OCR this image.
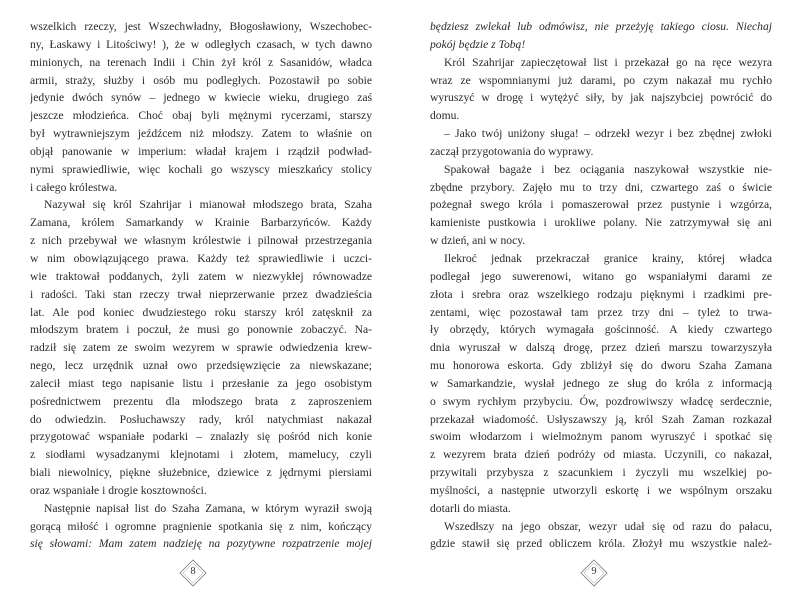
wszelkich rzeczy, jest Wszechwładny, Błogosławiony, Wszechobec-
ny, Łaskawy i Litościwy! ), że w odległych czasach, w tych dawno
minionych, na terenach Indii i Chin żył król z Sasanidów, władca
armii, straży, służby i osób mu podległych. Pozostawił po sobie
jedynie dwóch synów – jednego w kwiecie wieku, drugiego zaś
jeszcze młodzieńca. Choć obaj byli mężnymi rycerzami, starszy
był wytrawniejszym jeźdźcem niż młodszy. Zatem to właśnie on
objął panowanie w imperium: władał krajem i rządził podwład-
nymi sprawiedliwie, więc kochali go wszyscy mieszkańcy stolicy
i całego królestwa.
Nazywał się król Szahrijar i mianował młodszego brata, Szaha
Zamana, królem Samarkandy w Krainie Barbarzyńców. Każdy
z nich przebywał we własnym królestwie i pilnował przestrzegania
w nim obowiązującego prawa. Każdy też sprawiedliwie i uczci-
wie traktował poddanych, żyli zatem w niezwykłej równowadze
i radości. Taki stan rzeczy trwał nieprzerwanie przez dwadzieścia
lat. Ale pod koniec dwudziestego roku starszy król zatęsknił za
młodszym bratem i poczuł, że musi go ponownie zobaczyć. Na-
radził się zatem ze swoim wezyrem w sprawie odwiedzenia krew-
nego, lecz urzędnik uznał owo przedsięwzięcie za niewskazane;
zalecił miast tego napisanie listu i przesłanie za jego osobistym
pośrednictwem prezentu dla młodszego brata z zaproszeniem
do odwiedzin. Posłuchawszy rady, król natychmiast nakazał
przygotować wspaniałe podarki – znalazły się pośród nich konie
z siodłami wysadzanymi klejnotami i złotem, mamelucy, czyli
biali niewolnicy, piękne służebnice, dziewice z jędrnymi piersiami
oraz wspaniałe i drogie kosztowności.
Następnie napisał list do Szaha Zamana, w którym wyraził swoją
gorącą miłość i ogromne pragnienie spotkania się z nim, kończący
się słowami: Mam zatem nadzieję na pozytywne rozpatrzenie mojej
będziesz zwlekał lub odmówisz, nie przeżyję takiego ciosu. Niechaj
pokój będzie z Tobą!
Król Szahrijar zapieczętował list i przekazał go na ręce wezyra
wraz ze wspomnianymi już darami, po czym nakazał mu rychło
wyruszyć w drogę i wytężyć siły, by jak najszybciej powrócić do
domu.
– Jako twój uniżony sługa! – odrzekł wezyr i bez zbędnej zwłoki
zaczął przygotowania do wyprawy.
Spakował bagaże i bez ociągania naszykował wszystkie nie-
zbędne przybory. Zajęło mu to trzy dni, czwartego zaś o świcie
pożegnał swego króla i pomaszerował przez pustynie i wzgórza,
kamieniste pustkowia i urokliwe polany. Nie zatrzymywał się ani
w dzień, ani w nocy.
Ilekroć jednak przekraczał granice krainy, której władca
podlegał jego suwerenowi, witano go wspaniałymi darami ze
złota i srebra oraz wszelkiego rodzaju pięknymi i rzadkimi pre-
zentami, więc pozostawał tam przez trzy dni – tyleż to trwa-
ły obrzędy, których wymagała gościnność. A kiedy czwartego
dnia wyruszał w dalszą drogę, przez dzień marszu towarzyszyła
mu honorowa eskorta. Gdy zbliżył się do dworu Szaha Zamana
w Samarkandzie, wysłał jednego ze sług do króla z informacją
o swym rychłym przybyciu. Ów, pozdrowiwszy władcę serdecznie,
przekazał wiadomość. Usłyszawszy ją, król Szah Zaman rozkazał
swoim włodarzom i wielmożnym panom wyruszyć i spotkać się
z wezyrem brata dzień podróży od miasta. Uczynili, co nakazał,
przywitali przybysza z szacunkiem i życzyli mu wszelkiej po-
myślności, a następnie utworzyli eskortę i we wspólnym orszaku
dotarli do miasta.
Wszedłszy na jego obszar, wezyr udał się od razu do pałacu,
gdzie stawił się przed obliczem króla. Złożył mu wszystkie należ-
8	9
